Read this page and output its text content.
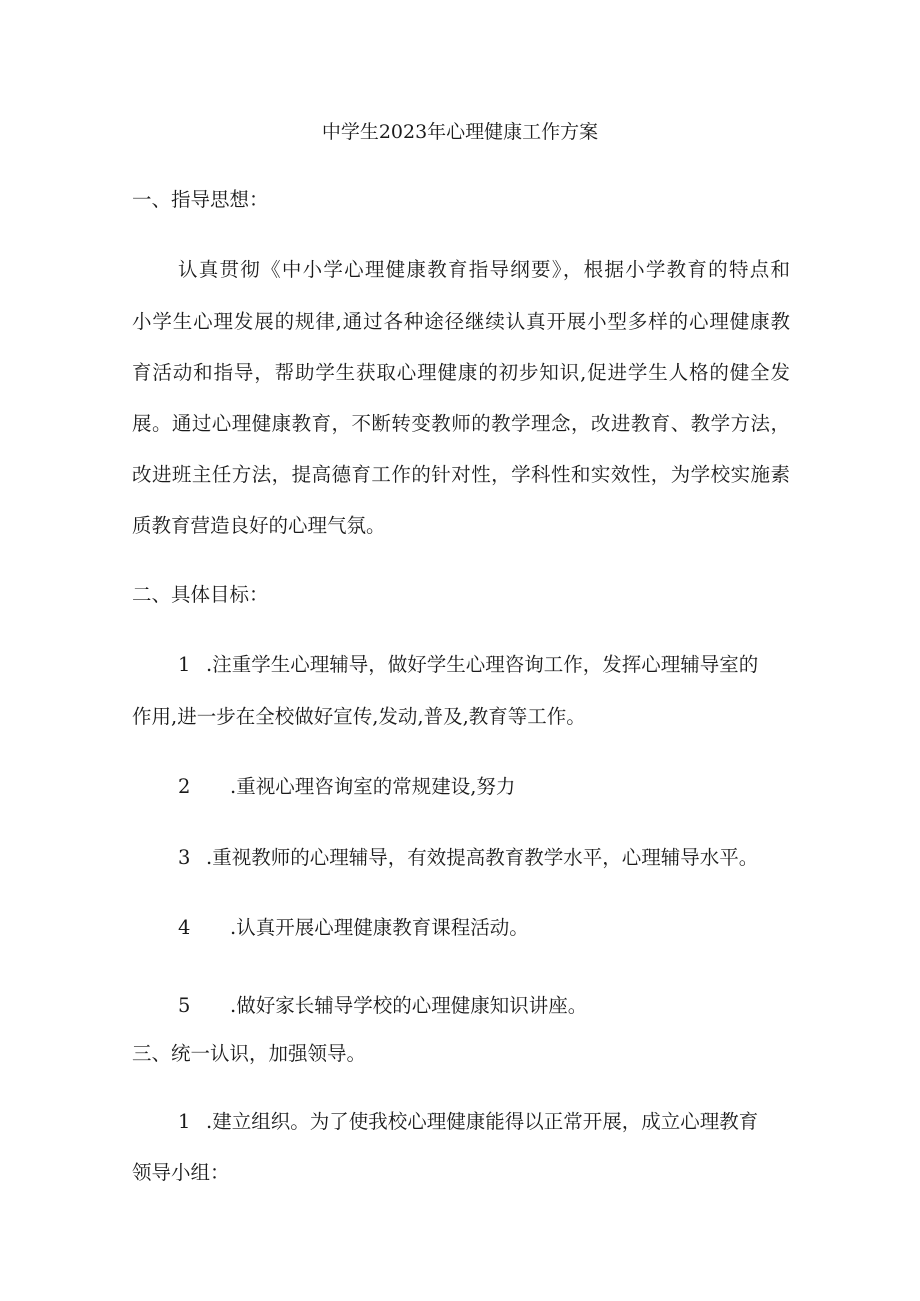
中学生2023年心理健康工作方案

一、指导思想：

认真贯彻《中小学心理健康教育指导纲要》，根据小学教育的特点和

小学生心理发展的规律,通过各种途径继续认真开展小型多样的心理健康教

育活动和指导，帮助学生获取心理健康的初步知识,促进学生人格的健全发

展。通过心理健康教育，不断转变教师的教学理念，改进教育、教学方法，

改进班主任方法，提高德育工作的针对性，学科性和实效性，为学校实施素

质教育营造良好的心理气氛。

二、具体目标：

1 .注重学生心理辅导，做好学生心理咨询工作，发挥心理辅导室的

作用,进一步在全校做好宣传,发动,普及,教育等工作。

2 .重视心理咨询室的常规建设,努力

3 .重视教师的心理辅导，有效提高教育教学水平，心理辅导水平。

4 .认真开展心理健康教育课程活动。

5 .做好家长辅导学校的心理健康知识讲座。

三、统一认识，加强领导。

1 .建立组织。为了使我校心理健康能得以正常开展，成立心理教育

领导小组：
